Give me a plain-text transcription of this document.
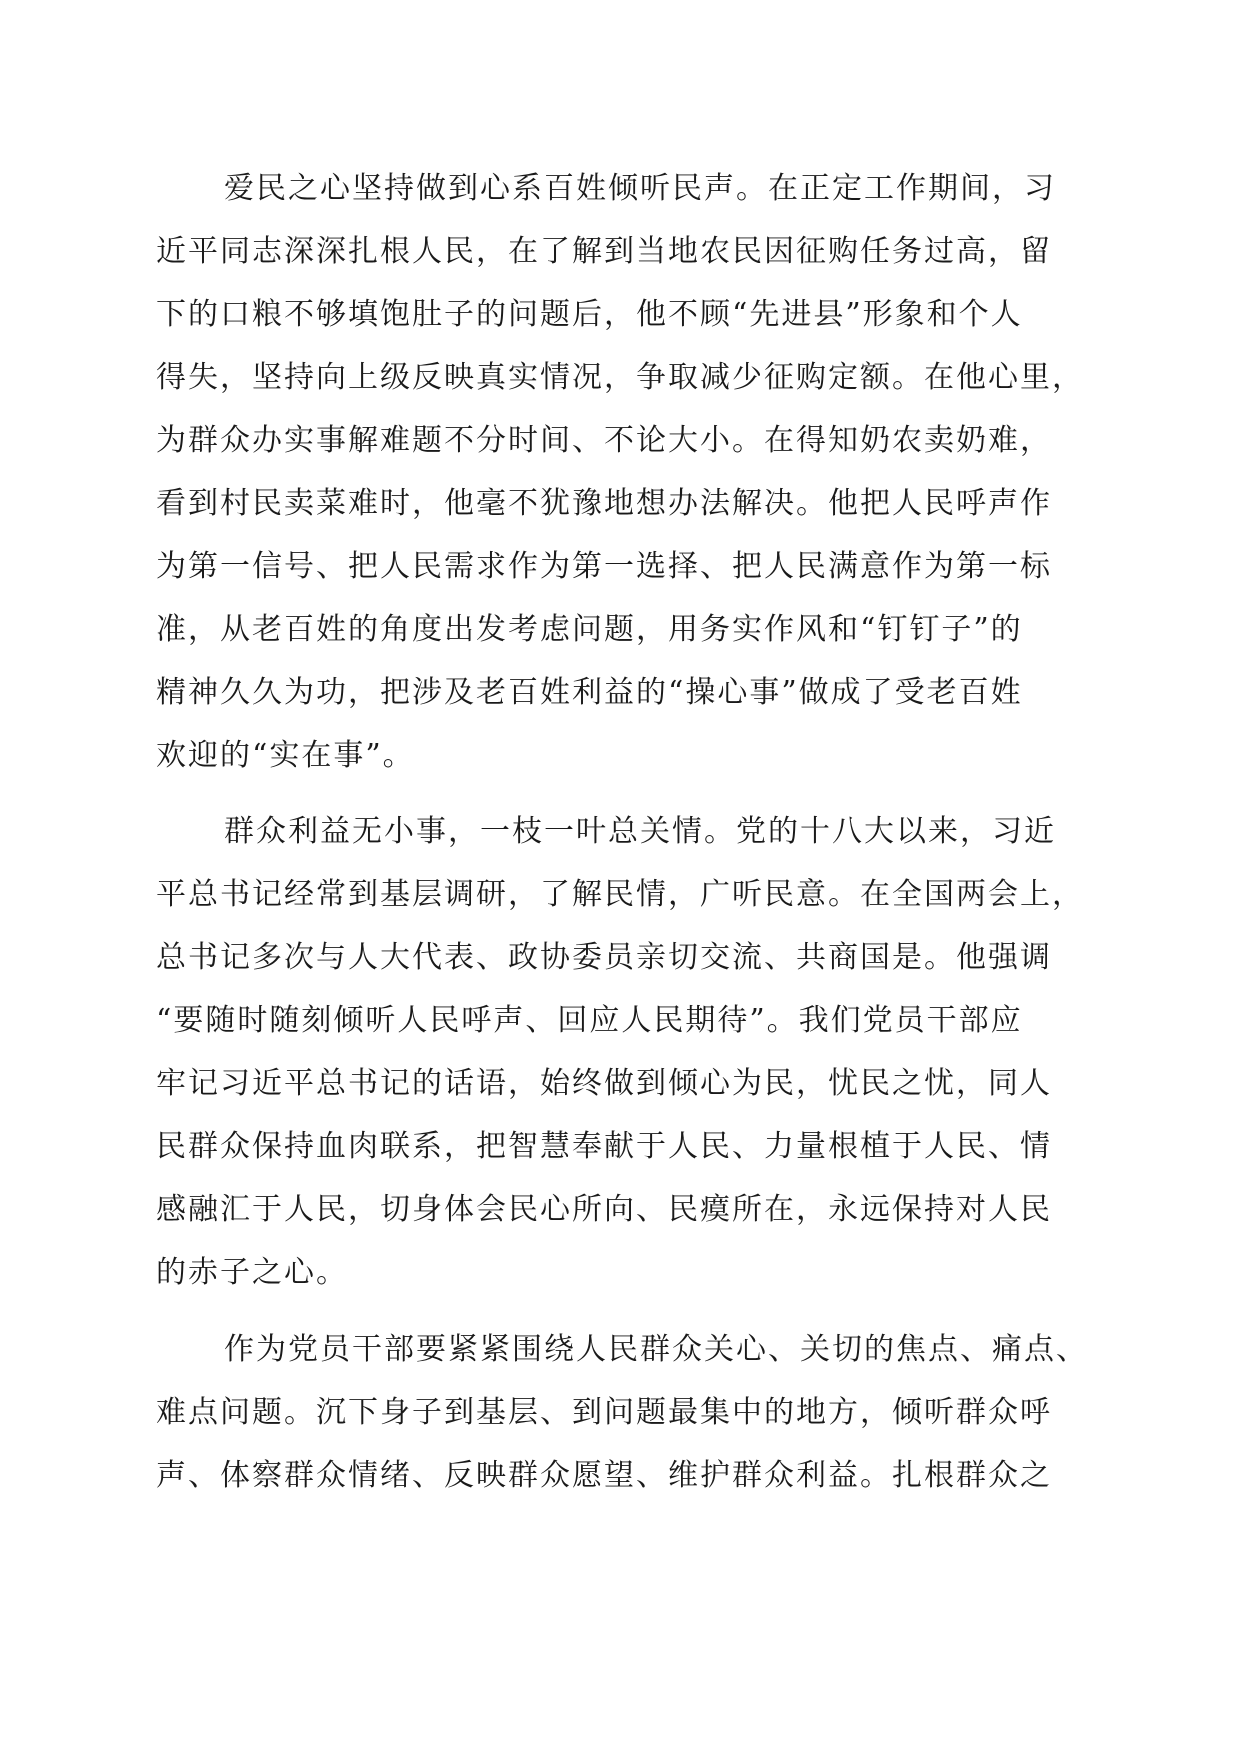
爱民之心坚持做到心系百姓倾听民声。在正定工作期间，习
近平同志深深扎根人民，在了解到当地农民因征购任务过高，留
下的口粮不够填饱肚子的问题后，他不顾“先进县”形象和个人
得失，坚持向上级反映真实情况，争取减少征购定额。在他心里，
为群众办实事解难题不分时间、不论大小。在得知奶农卖奶难，
看到村民卖菜难时，他毫不犹豫地想办法解决。他把人民呼声作
为第一信号、把人民需求作为第一选择、把人民满意作为第一标
准，从老百姓的角度出发考虑问题，用务实作风和“钉钉子”的
精神久久为功，把涉及老百姓利益的“操心事”做成了受老百姓
欢迎的“实在事”。
群众利益无小事，一枝一叶总关情。党的十八大以来，习近
平总书记经常到基层调研，了解民情，广听民意。在全国两会上，
总书记多次与人大代表、政协委员亲切交流、共商国是。他强调
“要随时随刻倾听人民呼声、回应人民期待”。我们党员干部应
牢记习近平总书记的话语，始终做到倾心为民，忧民之忧，同人
民群众保持血肉联系，把智慧奉献于人民、力量根植于人民、情
感融汇于人民，切身体会民心所向、民瘼所在，永远保持对人民
的赤子之心。
作为党员干部要紧紧围绕人民群众关心、关切的焦点、痛点、
难点问题。沉下身子到基层、到问题最集中的地方，倾听群众呼
声、体察群众情绪、反映群众愿望、维护群众利益。扎根群众之
